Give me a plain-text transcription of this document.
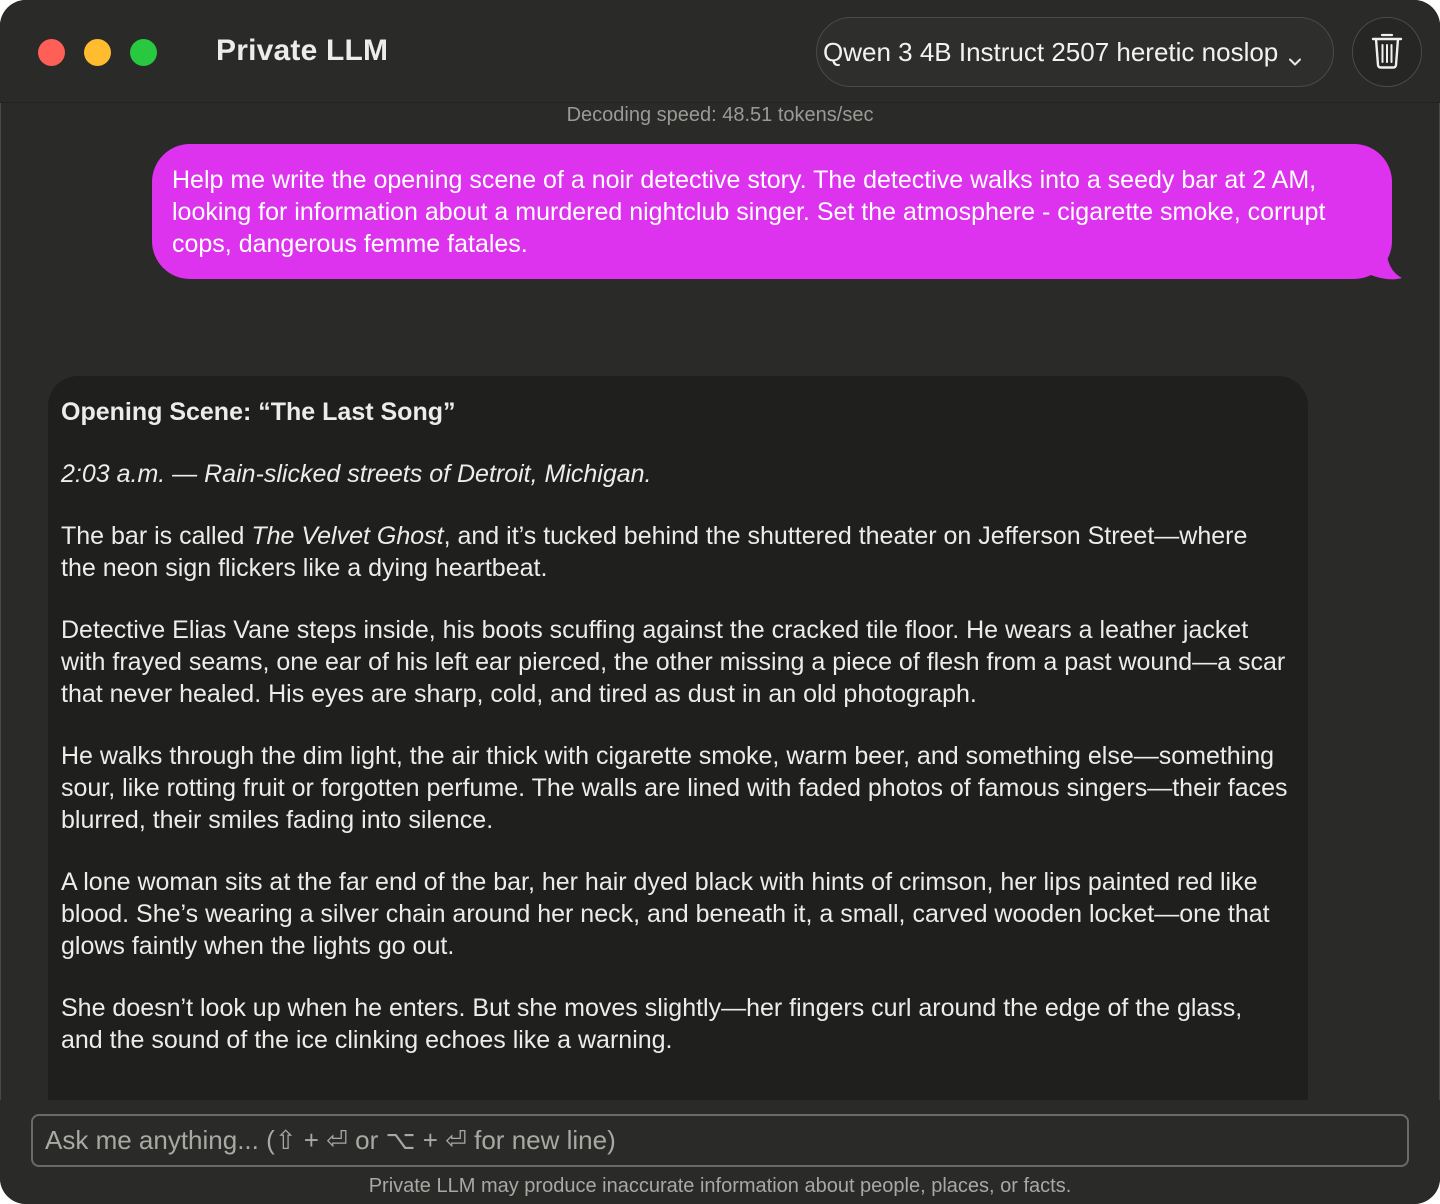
Private LLM	Qwen 3 4B Instruct 2507 heretic noslop
Decoding speed: 48.51 tokens/sec
Help me write the opening scene of a noir detective story. The detective walks into a seedy bar at 2 AM, looking for information about a murdered nightclub singer. Set the atmosphere - cigarette smoke, corrupt cops, dangerous femme fatales.

Opening Scene: “The Last Song”

2:03 a.m. — Rain-slicked streets of Detroit, Michigan.

The bar is called The Velvet Ghost, and it’s tucked behind the shuttered theater on Jefferson Street—where the neon sign flickers like a dying heartbeat.

Detective Elias Vane steps inside, his boots scuffing against the cracked tile floor. He wears a leather jacket with frayed seams, one ear of his left ear pierced, the other missing a piece of flesh from a past wound—a scar that never healed. His eyes are sharp, cold, and tired as dust in an old photograph.

He walks through the dim light, the air thick with cigarette smoke, warm beer, and something else—something sour, like rotting fruit or forgotten perfume. The walls are lined with faded photos of famous singers—their faces blurred, their smiles fading into silence.

A lone woman sits at the far end of the bar, her hair dyed black with hints of crimson, her lips painted red like blood. She’s wearing a silver chain around her neck, and beneath it, a small, carved wooden locket—one that glows faintly when the lights go out.

She doesn’t look up when he enters. But she moves slightly—her fingers curl around the edge of the glass, and the sound of the ice clinking echoes like a warning.

Ask me anything... (⇧ + ⏎ or ⌥ + ⏎ for new line)
Private LLM may produce inaccurate information about people, places, or facts.
